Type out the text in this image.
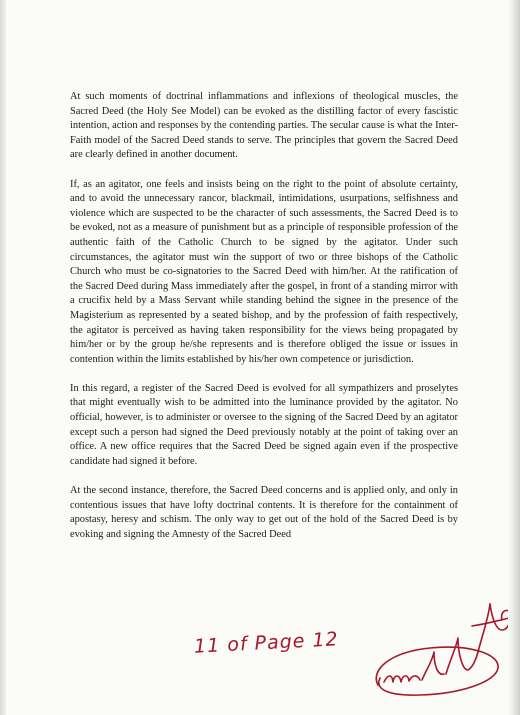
At such moments of doctrinal inflammations and inflexions of theological muscles, the Sacred Deed (the Holy See Model) can be evoked as the distilling factor of every fascistic intention, action and responses by the contending parties. The secular cause is what the Inter-Faith model of the Sacred Deed stands to serve. The principles that govern the Sacred Deed are clearly defined in another document.

If, as an agitator, one feels and insists being on the right to the point of absolute certainty, and to avoid the unnecessary rancor, blackmail, intimidations, usurpations, selfishness and violence which are suspected to be the character of such assessments, the Sacred Deed is to be evoked, not as a measure of punishment but as a principle of responsible profession of the authentic faith of the Catholic Church to be signed by the agitator. Under such circumstances, the agitator must win the support of two or three bishops of the Catholic Church who must be co-signatories to the Sacred Deed with him/her. At the ratification of the Sacred Deed during Mass immediately after the gospel, in front of a standing mirror with a crucifix held by a Mass Servant while standing behind the signee in the presence of the Magisterium as represented by a seated bishop, and by the profession of faith respectively, the agitator is perceived as having taken responsibility for the views being propagated by him/her or by the group he/she represents and is therefore obliged the issue or issues in contention within the limits established by his/her own competence or jurisdiction.

In this regard, a register of the Sacred Deed is evolved for all sympathizers and proselytes that might eventually wish to be admitted into the luminance provided by the agitator. No official, however, is to administer or oversee to the signing of the Sacred Deed by an agitator except such a person had signed the Deed previously notably at the point of taking over an office. A new office requires that the Sacred Deed be signed again even if the prospective candidate had signed it before.

At the second instance, therefore, the Sacred Deed concerns and is applied only, and only in contentious issues that have lofty doctrinal contents. It is therefore for the containment of apostasy, heresy and schism. The only way to get out of the hold of the Sacred Deed is by evoking and signing the Amnesty of the Sacred Deed

11 of Page 12
